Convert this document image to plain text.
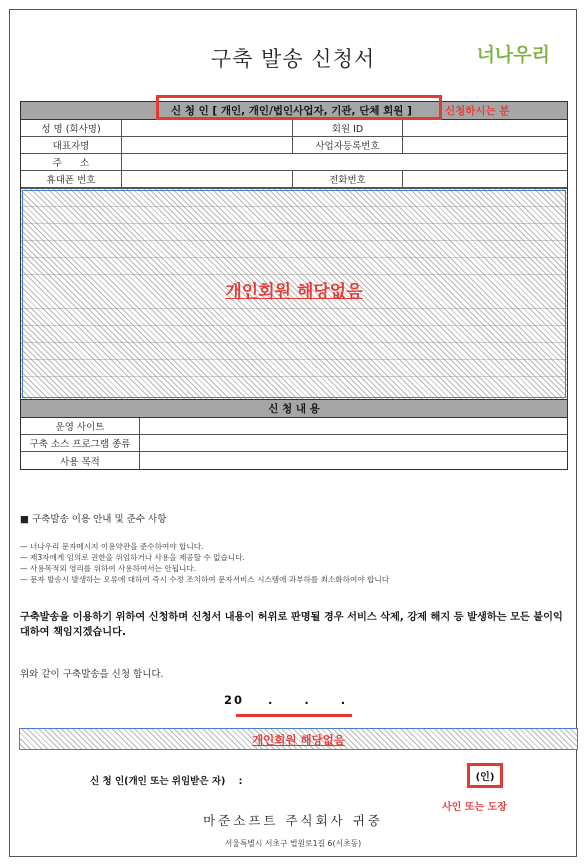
구축 발송 신청서	너나우리
신 청 인 [ 개인, 개인/법인사업자, 기관, 단체 회원 ]	신청하시는 분
성 명 (회사명)	회원 ID
대표자명	사업자등록번호
주      소
휴대폰 번호	전화번호
개인회원 해당없음
신 청 내 용
운영 사이트
구축 소스 프로그램 종류
사용 목적
■ 구축발송 이용 안내 및 준수 사항
— 너나우리 문자메시지 이용약관을 준수하여야 합니다.
— 제3자에게 임의로 권한을 위임하거나 사용을 제공할 수 없습니다.
— 사용목적외 영리를 위하여 사용하여서는 안됩니다.
— 문자 발송시 발생하는 오류에 대하여 즉시 수정 조치하여 문자서비스 시스템에 과부하를 최소화하여야 합니다
구축발송을 이용하기 위하여 신청하며 신청서 내용이 허위로 판명될 경우 서비스 삭제, 강제 해지 등 발생하는 모든 불이익
대하여 책임지겠습니다.
위와 같이 구축발송을 신청 합니다.
20    .     .     .
개인회원 해당없음
신 청 인(개인 또는 위임받은 자)    :	(인)
사인 또는 도장
마준소프트 주식회사 귀중
서울특별시 서초구 법원로1길 6(서초동)
